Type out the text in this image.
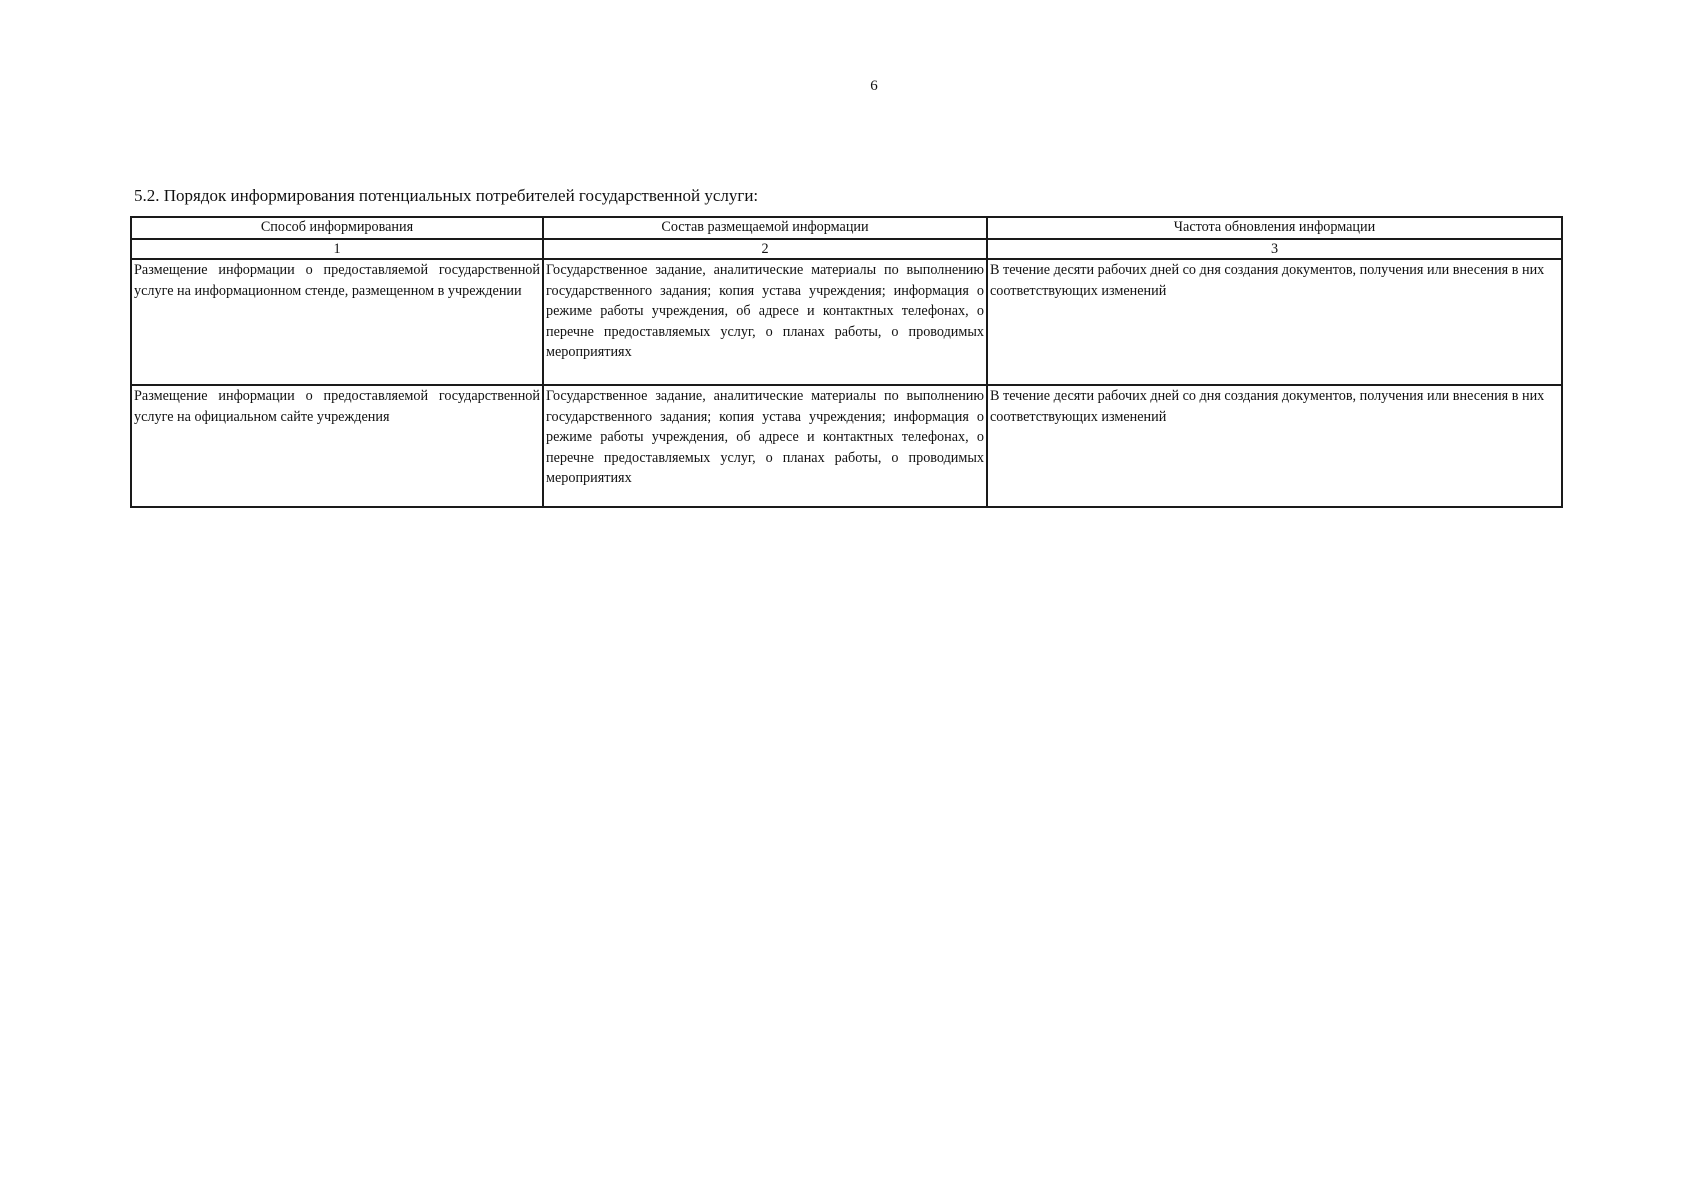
6
5.2. Порядок информирования потенциальных потребителей государственной услуги:
Способ информирования	Состав размещаемой информации	Частота обновления информации
1	2	3
Размещение информации о предоставляемой государственной услуге на информационном стенде, размещенном в учреждении	Государственное задание, аналитические материалы по выполнению государственного задания; копия устава учреждения; информация о режиме работы учреждения, об адресе и контактных телефонах, о перечне предоставляемых услуг, о планах работы, о проводимых мероприятиях	В течение десяти рабочих дней со дня создания документов, получения или внесения в них соответствующих изменений
Размещение информации о предоставляемой государственной услуге на официальном сайте учреждения	Государственное задание, аналитические материалы по выполнению государственного задания; копия устава учреждения; информация о режиме работы учреждения, об адресе и контактных телефонах, о перечне предоставляемых услуг, о планах работы, о проводимых мероприятиях	В течение десяти рабочих дней со дня создания документов, получения или внесения в них соответствующих изменений
